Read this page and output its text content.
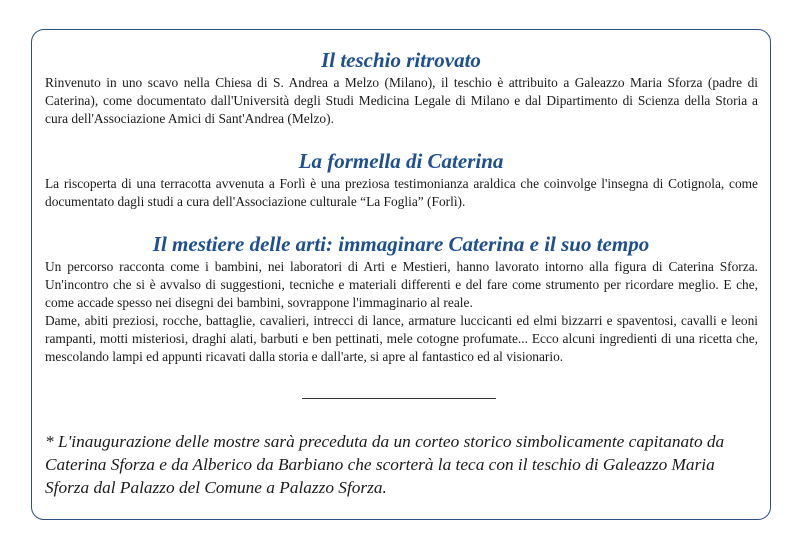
Il teschio ritrovato

Rinvenuto in uno scavo nella Chiesa di S. Andrea a Melzo (Milano), il teschio è attribuito a Galeazzo Maria Sforza (padre di Caterina), come documentato dall'Università degli Studi Medicina Legale di Milano e dal Dipartimento di Scienza della Storia a cura dell'Associazione Amici di Sant'Andrea (Melzo).

La formella di Caterina

La riscoperta di una terracotta avvenuta a Forlì è una preziosa testimonianza araldica che coinvolge l'insegna di Cotignola, come documentato dagli studi a cura dell'Associazione culturale “La Foglia” (Forlì).

Il mestiere delle arti: immaginare Caterina e il suo tempo

Un percorso racconta come i bambini, nei laboratori di Arti e Mestieri, hanno lavorato intorno alla figura di Caterina Sforza. Un'incontro che si è avvalso di suggestioni, tecniche e materiali differenti e del fare come strumento per ricordare meglio. E che, come accade spesso nei disegni dei bambini, sovrappone l'immaginario al reale.

Dame, abiti preziosi, rocche, battaglie, cavalieri, intrecci di lance, armature luccicanti ed elmi bizzarri e spaventosi, cavalli e leoni rampanti, motti misteriosi, draghi alati, barbuti e ben pettinati, mele cotogne profumate... Ecco alcuni ingredienti di una ricetta che, mescolando lampi ed appunti ricavati dalla storia e dall'arte, si apre al fantastico ed al visionario.

* L'inaugurazione delle mostre sarà preceduta da un corteo storico simbolicamente capitanato da Caterina Sforza e da Alberico da Barbiano che scorterà la teca con il teschio di Galeazzo Maria Sforza dal Palazzo del Comune a Palazzo Sforza.
